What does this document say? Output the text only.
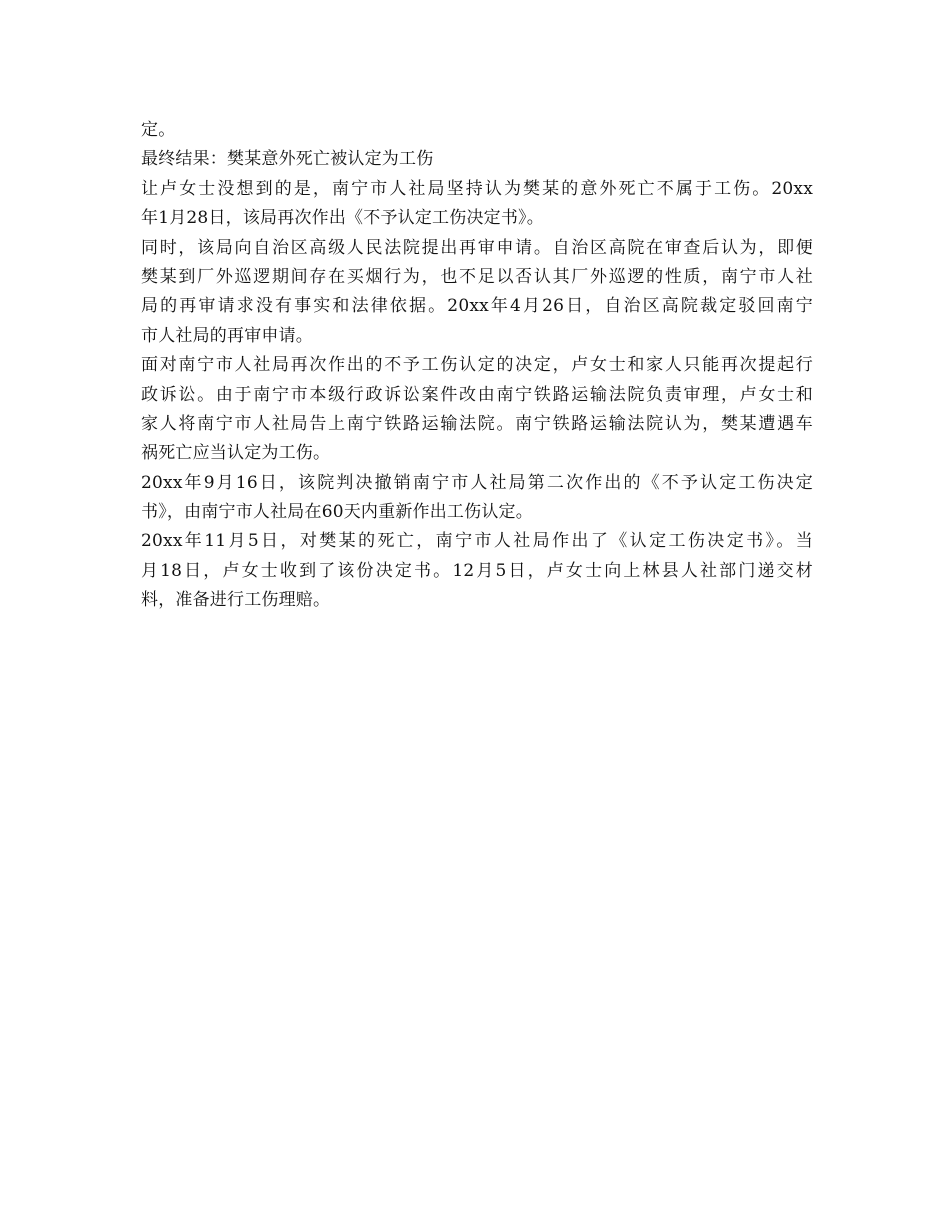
定。
最终结果：樊某意外死亡被认定为工伤
让卢女士没想到的是，南宁市人社局坚持认为樊某的意外死亡不属于工伤。20xx
年1月28日，该局再次作出《不予认定工伤决定书》。
同时，该局向自治区高级人民法院提出再审申请。自治区高院在审查后认为，即便
樊某到厂外巡逻期间存在买烟行为，也不足以否认其厂外巡逻的性质，南宁市人社
局的再审请求没有事实和法律依据。20xx年4月26日，自治区高院裁定驳回南宁
市人社局的再审申请。
面对南宁市人社局再次作出的不予工伤认定的决定，卢女士和家人只能再次提起行
政诉讼。由于南宁市本级行政诉讼案件改由南宁铁路运输法院负责审理，卢女士和
家人将南宁市人社局告上南宁铁路运输法院。南宁铁路运输法院认为，樊某遭遇车
祸死亡应当认定为工伤。
20xx年9月16日，该院判决撤销南宁市人社局第二次作出的《不予认定工伤决定
书》，由南宁市人社局在60天内重新作出工伤认定。
20xx年11月5日，对樊某的死亡，南宁市人社局作出了《认定工伤决定书》。当
月18日，卢女士收到了该份决定书。12月5日，卢女士向上林县人社部门递交材
料，准备进行工伤理赔。
